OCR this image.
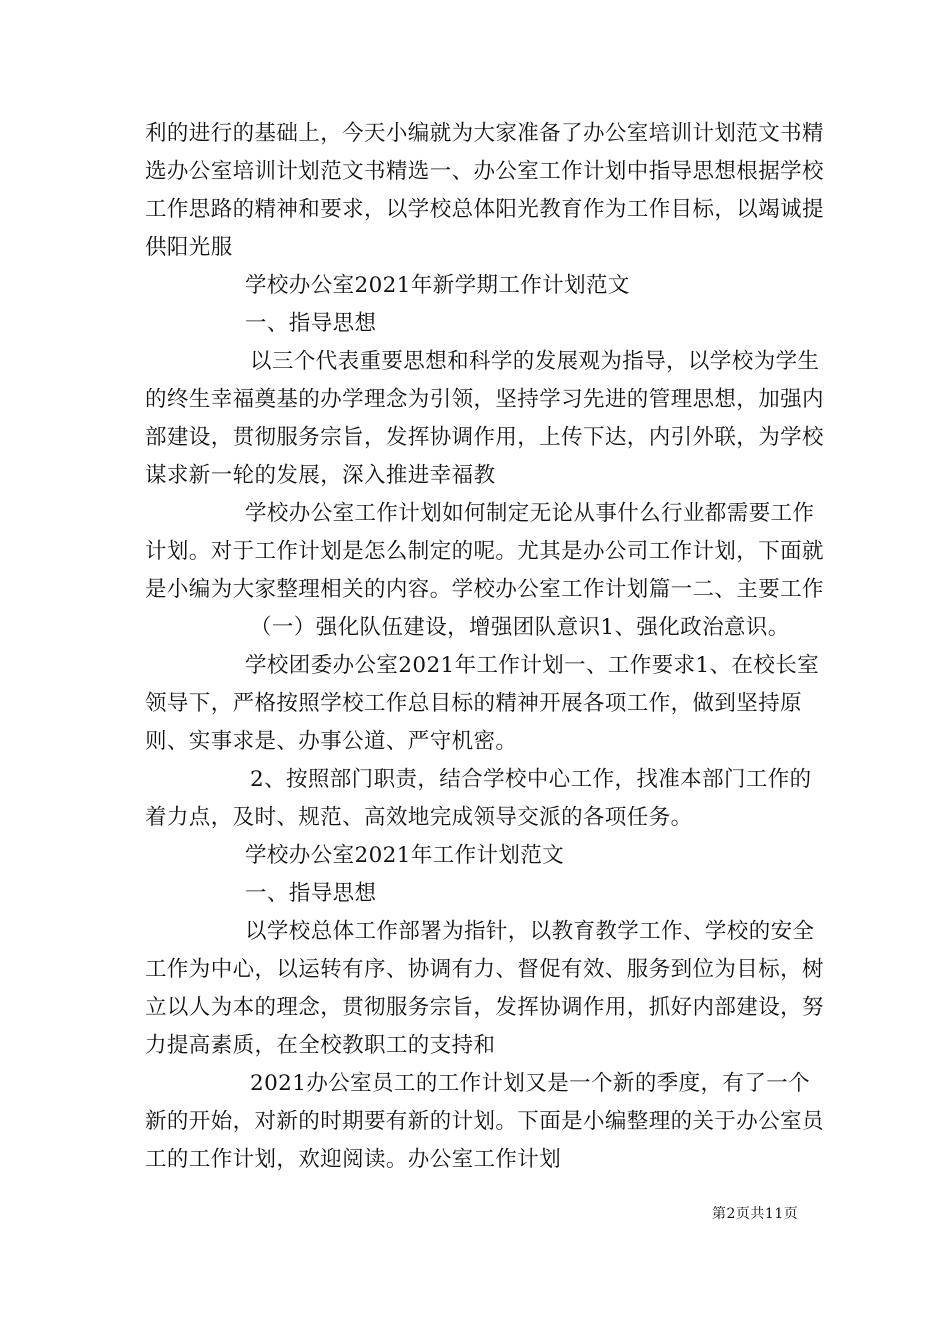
利的进行的基础上，今天小编就为大家准备了办公室培训计划范文书精选办公室培训计划范文书精选一、办公室工作计划中指导思想根据学校工作思路的精神和要求，以学校总体阳光教育作为工作目标，以竭诚提供阳光服

学校办公室2021年新学期工作计划范文

一、指导思想

以三个代表重要思想和科学的发展观为指导，以学校为学生的终生幸福奠基的办学理念为引领，坚持学习先进的管理思想，加强内部建设，贯彻服务宗旨，发挥协调作用，上传下达，内引外联，为学校谋求新一轮的发展，深入推进幸福教

学校办公室工作计划如何制定无论从事什么行业都需要工作计划。对于工作计划是怎么制定的呢。尤其是办公司工作计划，下面就是小编为大家整理相关的内容。学校办公室工作计划篇一二、主要工作

（一）强化队伍建设，增强团队意识1、强化政治意识。

学校团委办公室2021年工作计划一、工作要求1、在校长室领导下，严格按照学校工作总目标的精神开展各项工作，做到坚持原则、实事求是、办事公道、严守机密。

2、按照部门职责，结合学校中心工作，找准本部门工作的着力点，及时、规范、高效地完成领导交派的各项任务。

学校办公室2021年工作计划范文

一、指导思想

以学校总体工作部署为指针，以教育教学工作、学校的安全工作为中心，以运转有序、协调有力、督促有效、服务到位为目标，树立以人为本的理念，贯彻服务宗旨，发挥协调作用，抓好内部建设，努力提高素质，在全校教职工的支持和

2021办公室员工的工作计划又是一个新的季度，有了一个新的开始，对新的时期要有新的计划。下面是小编整理的关于办公室员工的工作计划，欢迎阅读。办公室工作计划

第2页共11页
